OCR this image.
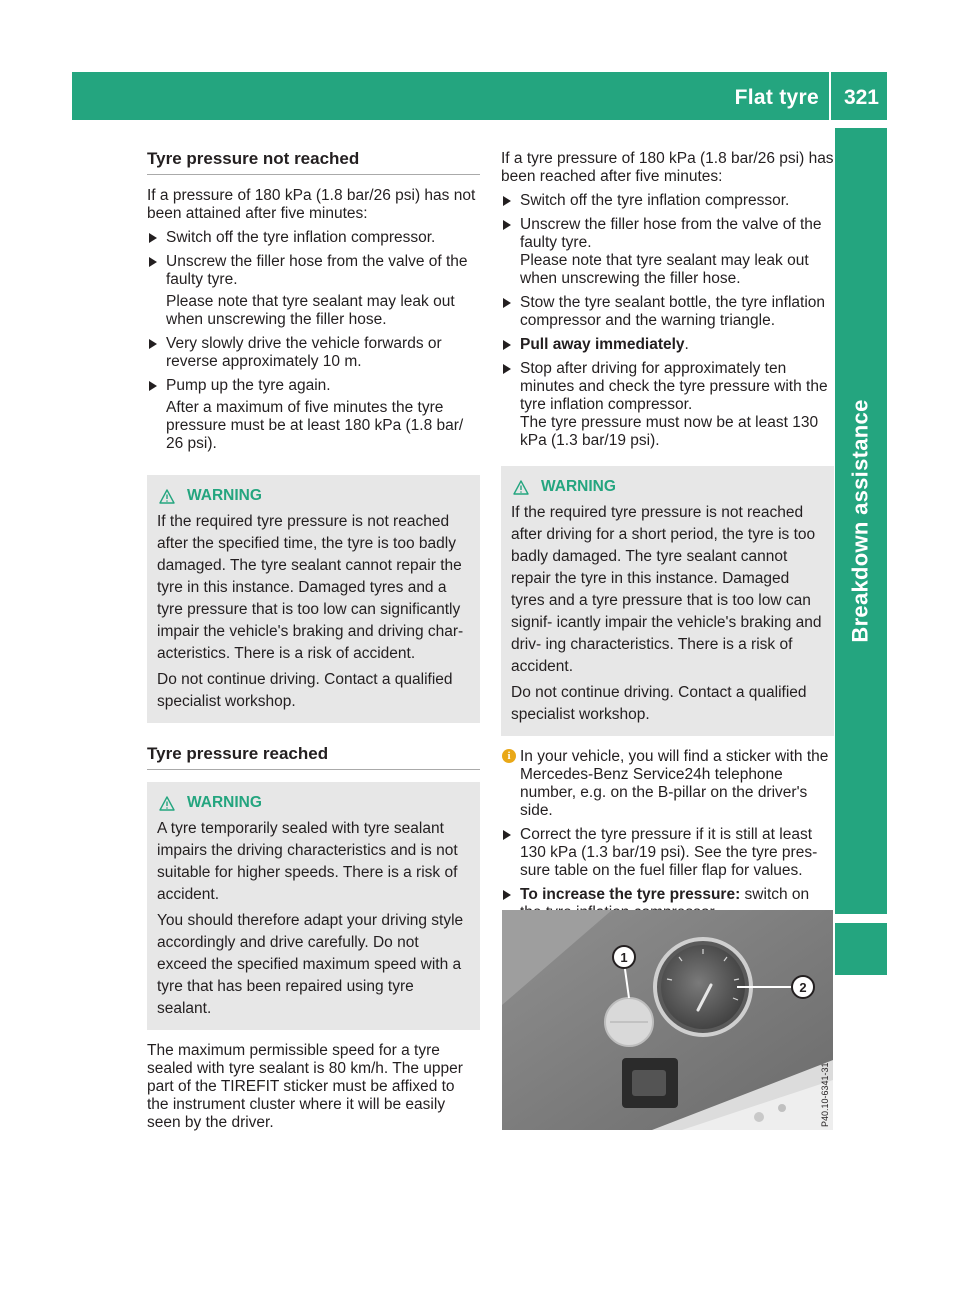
Flat tyre 321
Breakdown assistance
Tyre pressure not reached

If a pressure of 180 kPa (1.8 bar/26 psi) has not been attained after five minutes:

Switch off the tyre inflation compressor.
Unscrew the filler hose from the valve of the faulty tyre.
Please note that tyre sealant may leak out when unscrewing the filler hose.
Very slowly drive the vehicle forwards or reverse approximately 10 m.
Pump up the tyre again.
After a maximum of five minutes the tyre pressure must be at least 180 kPa (1.8 bar/ 26 psi).
WARNING

If the required tyre pressure is not reached after the specified time, the tyre is too badly damaged. The tyre sealant cannot repair the tyre in this instance. Damaged tyres and a tyre pressure that is too low can significantly impair the vehicle's braking and driving char- acteristics. There is a risk of accident.

Do not continue driving. Contact a qualified specialist workshop.

Tyre pressure reached
WARNING

A tyre temporarily sealed with tyre sealant impairs the driving characteristics and is not suitable for higher speeds. There is a risk of accident.

You should therefore adapt your driving style accordingly and drive carefully. Do not exceed the specified maximum speed with a tyre that has been repaired using tyre sealant.

The maximum permissible speed for a tyre sealed with tyre sealant is 80 km/h. The upper part of the TIREFIT sticker must be affixed to the instrument cluster where it will be easily seen by the driver.

If a tyre pressure of 180 kPa (1.8 bar/26 psi) has been reached after five minutes:

Switch off the tyre inflation compressor.
Unscrew the filler hose from the valve of the faulty tyre.
Please note that tyre sealant may leak out when unscrewing the filler hose.
Stow the tyre sealant bottle, the tyre inflation compressor and the warning triangle.
Pull away immediately.
Stop after driving for approximately ten minutes and check the tyre pressure with the tyre inflation compressor.
The tyre pressure must now be at least 130 kPa (1.3 bar/19 psi).
WARNING

If the required tyre pressure is not reached after driving for a short period, the tyre is too badly damaged. The tyre sealant cannot repair the tyre in this instance. Damaged tyres and a tyre pressure that is too low can signif- icantly impair the vehicle's braking and driv- ing characteristics. There is a risk of accident.

Do not continue driving. Contact a qualified specialist workshop.

i In your vehicle, you will find a sticker with the Mercedes-Benz Service24h telephone number, e.g. on the B-pillar on the driver's side.
Correct the tyre pressure if it is still at least 130 kPa (1.3 bar/19 psi). See the tyre pres- sure table on the fuel filler flap for values.
To increase the tyre pressure: switch on
1
2
P40.10-6341-31
